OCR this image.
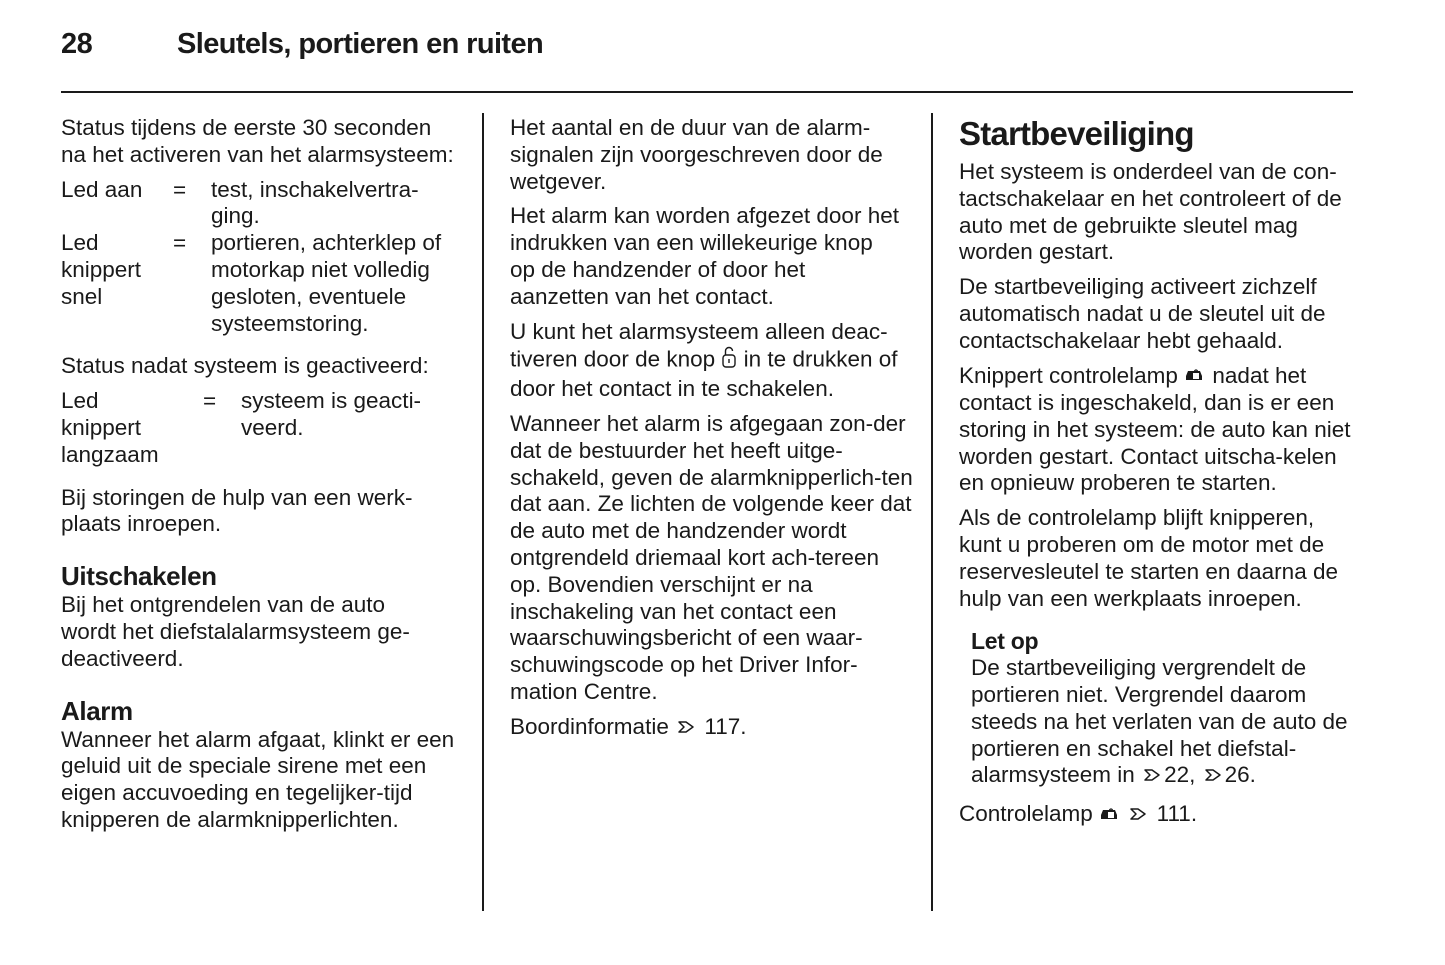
28	Sleutels, portieren en ruiten

Status tijdens de eerste 30 seconden na het activeren van het alarmsysteem:

Led aan	=	test, inschakelvertra-ging.
Led knippert snel	=	portieren, achterklep of motorkap niet volledig gesloten, eventuele systeemstoring.

Status nadat systeem is geactiveerd:

Led knippert langzaam	=	systeem is geacti-veerd.

Bij storingen de hulp van een werk-plaats inroepen.

Uitschakelen

Bij het ontgrendelen van de auto wordt het diefstalalarmsysteem ge-deactiveerd.

Alarm

Wanneer het alarm afgaat, klinkt er een geluid uit de speciale sirene met een eigen accuvoeding en tegelijker-tijd knipperen de alarmknipperlichten.

Het aantal en de duur van de alarm-signalen zijn voorgeschreven door de wetgever.

Het alarm kan worden afgezet door het indrukken van een willekeurige knop op de handzender of door het aanzetten van het contact.

U kunt het alarmsysteem alleen deac-tiveren door de knop in te drukken of door het contact in te schakelen.

Wanneer het alarm is afgegaan zon-der dat de bestuurder het heeft uitge-schakeld, geven de alarmknipperlich-ten dat aan. Ze lichten de volgende keer dat de auto met de handzender wordt ontgrendeld driemaal kort ach-tereen op. Bovendien verschijnt er na inschakeling van het contact een waarschuwingsbericht of een waar-schuwingscode op het Driver Infor-mation Centre.

Boordinformatie 117.

Startbeveiliging

Het systeem is onderdeel van de con-tactschakelaar en het controleert of de auto met de gebruikte sleutel mag worden gestart.

De startbeveiliging activeert zichzelf automatisch nadat u de sleutel uit de contactschakelaar hebt gehaald.

Knippert controlelamp nadat het contact is ingeschakeld, dan is er een storing in het systeem: de auto kan niet worden gestart. Contact uitscha-kelen en opnieuw proberen te starten.

Als de controlelamp blijft knipperen, kunt u proberen om de motor met de reservesleutel te starten en daarna de hulp van een werkplaats inroepen.

Let op

De startbeveiliging vergrendelt de portieren niet. Vergrendel daarom steeds na het verlaten van de auto de portieren en schakel het diefstal-alarmsysteem in 22, 26.

Controlelamp	111.
